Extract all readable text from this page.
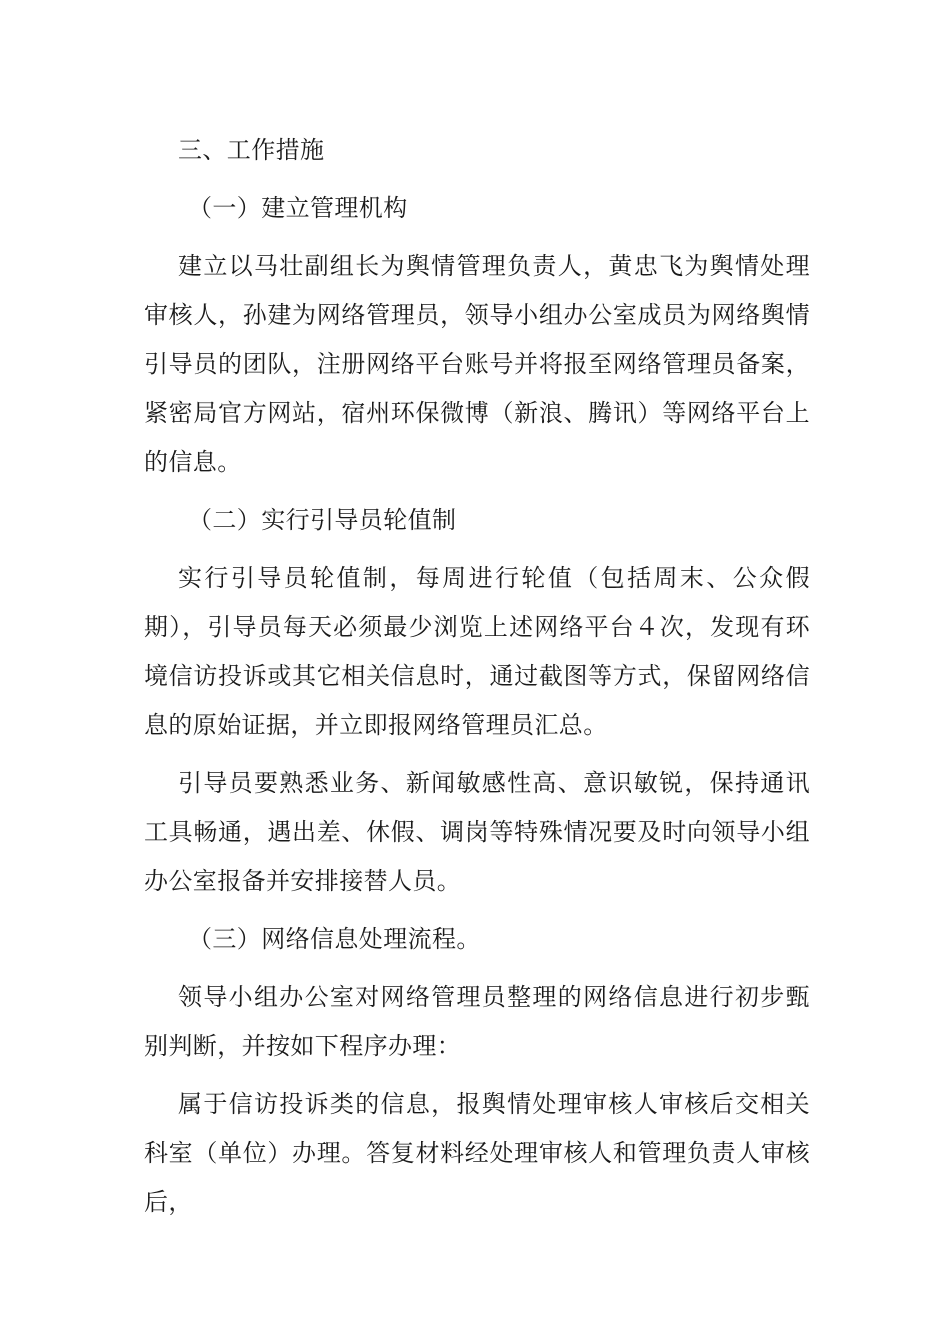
三、工作措施

（一）建立管理机构

建立以马壮副组长为舆情管理负责人，黄忠飞为舆情处理审核人，孙建为网络管理员，领导小组办公室成员为网络舆情引导员的团队，注册网络平台账号并将报至网络管理员备案，紧密局官方网站，宿州环保微博（新浪、腾讯）等网络平台上的信息。

（二）实行引导员轮值制

实行引导员轮值制，每周进行轮值（包括周末、公众假期），引导员每天必须最少浏览上述网络平台４次，发现有环境信访投诉或其它相关信息时，通过截图等方式，保留网络信息的原始证据，并立即报网络管理员汇总。

引导员要熟悉业务、新闻敏感性高、意识敏锐，保持通讯工具畅通，遇出差、休假、调岗等特殊情况要及时向领导小组办公室报备并安排接替人员。

（三）网络信息处理流程。

领导小组办公室对网络管理员整理的网络信息进行初步甄别判断，并按如下程序办理：

属于信访投诉类的信息，报舆情处理审核人审核后交相关科室（单位）办理。答复材料经处理审核人和管理负责人审核后，
